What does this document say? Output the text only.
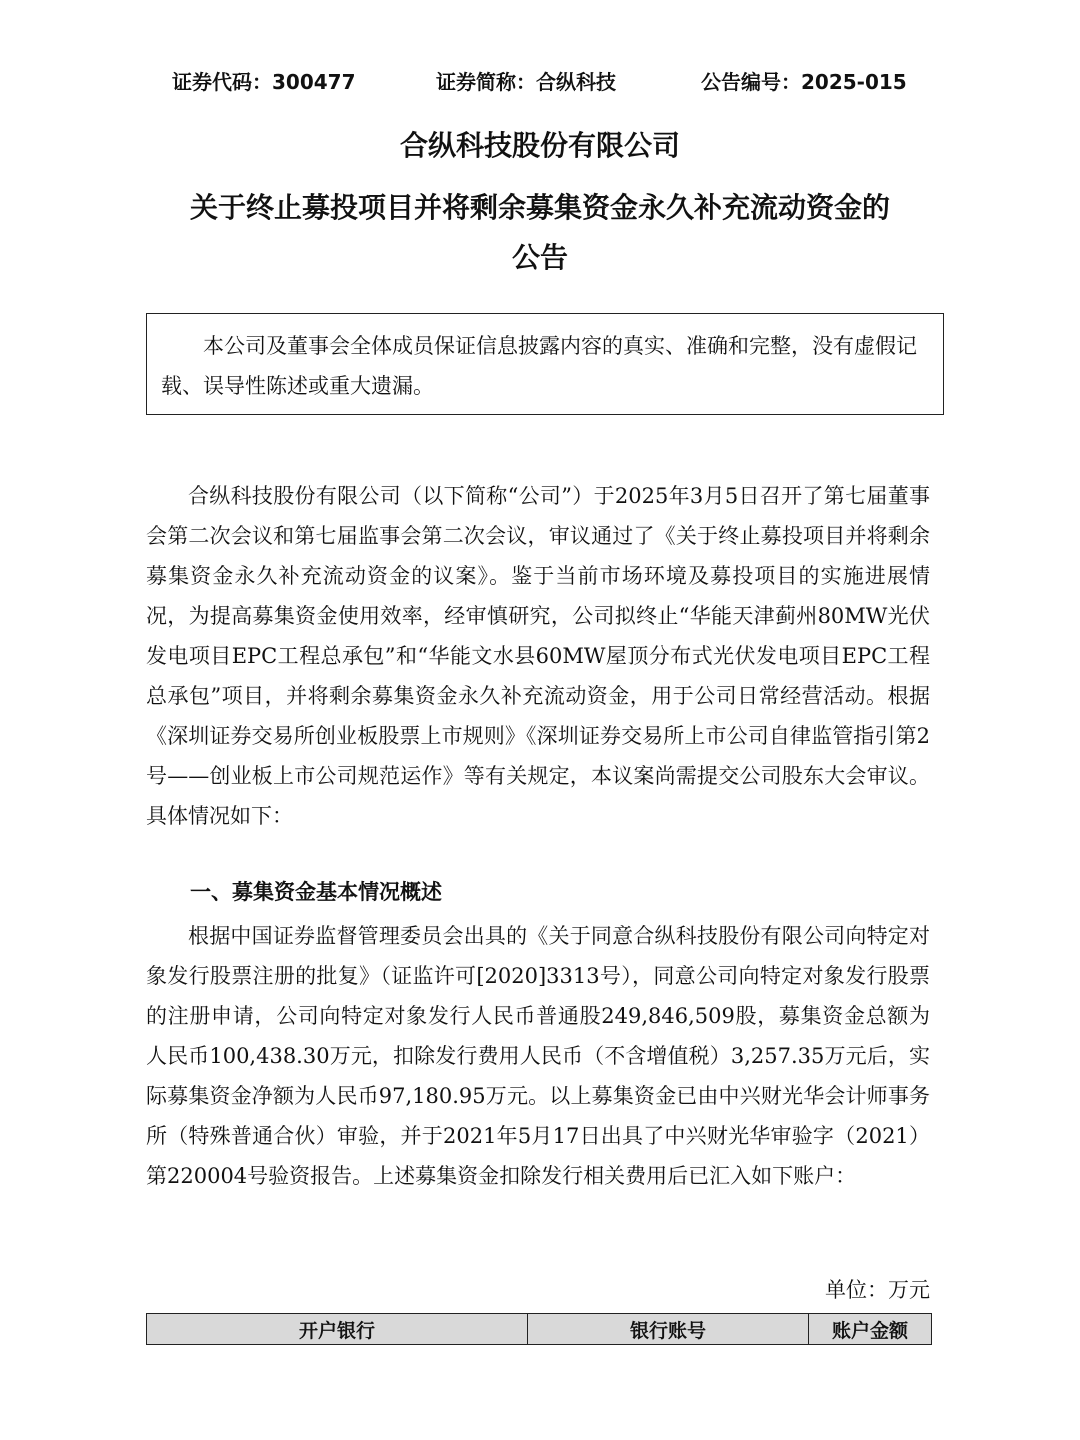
证券代码：300477	证券简称：合纵科技	公告编号：2025-015
合纵科技股份有限公司
关于终止募投项目并将剩余募集资金永久补充流动资金的
公告
本公司及董事会全体成员保证信息披露内容的真实、准确和完整，没有虚假记载、误导性陈述或重大遗漏。
合纵科技股份有限公司（以下简称“公司”）于2025年3月5日召开了第七届董事会第二次会议和第七届监事会第二次会议，审议通过了《关于终止募投项目并将剩余募集资金永久补充流动资金的议案》。鉴于当前市场环境及募投项目的实施进展情况，为提高募集资金使用效率，经审慎研究，公司拟终止“华能天津蓟州80MW光伏发电项目EPC工程总承包”和“华能文水县60MW屋顶分布式光伏发电项目EPC工程总承包”项目，并将剩余募集资金永久补充流动资金，用于公司日常经营活动。根据《深圳证券交易所创业板股票上市规则》《深圳证券交易所上市公司自律监管指引第2号——创业板上市公司规范运作》等有关规定，本议案尚需提交公司股东大会审议。具体情况如下：
一、募集资金基本情况概述
根据中国证券监督管理委员会出具的《关于同意合纵科技股份有限公司向特定对象发行股票注册的批复》（证监许可[2020]3313号），同意公司向特定对象发行股票的注册申请，公司向特定对象发行人民币普通股249,846,509股，募集资金总额为人民币100,438.30万元，扣除发行费用人民币（不含增值税）3,257.35万元后，实际募集资金净额为人民币97,180.95万元。以上募集资金已由中兴财光华会计师事务所（特殊普通合伙）审验，并于2021年5月17日出具了中兴财光华审验字（2021）第220004号验资报告。上述募集资金扣除发行相关费用后已汇入如下账户：
单位：万元
开户银行	银行账号	账户金额
